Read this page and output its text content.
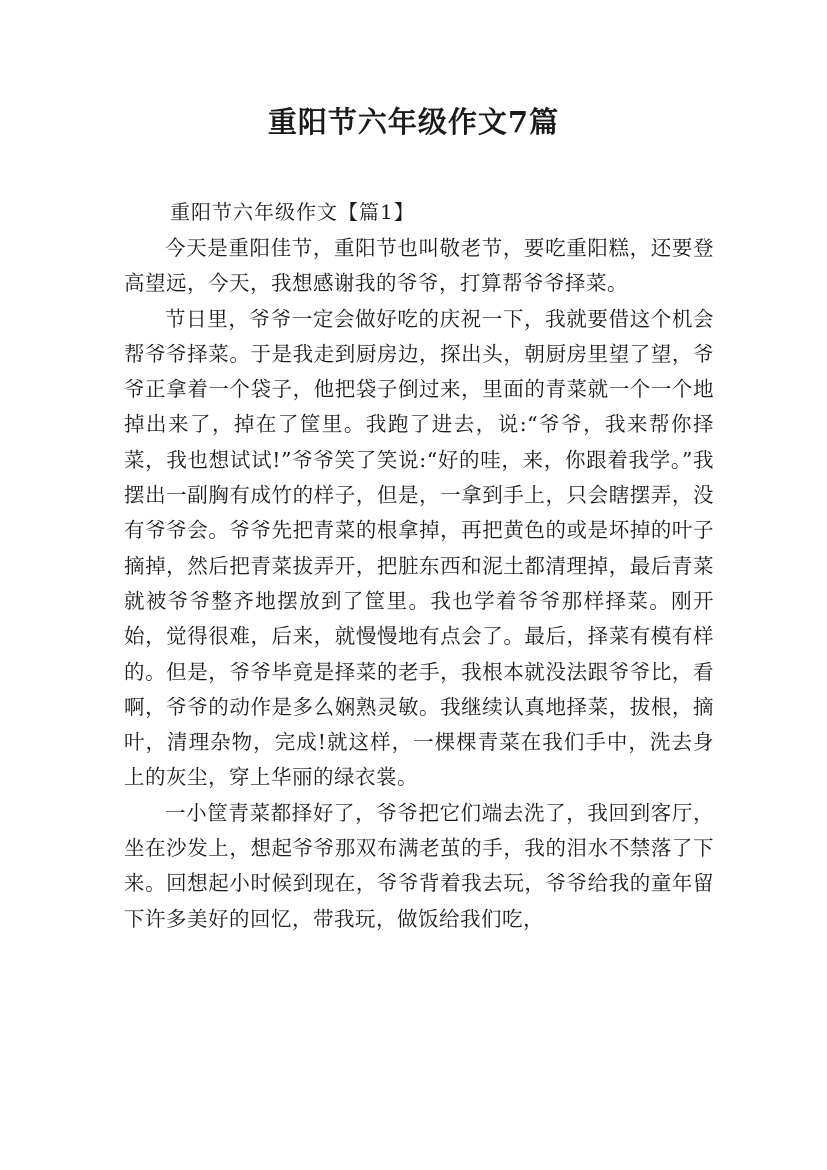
重阳节六年级作文7篇
重阳节六年级作文【篇1】

今天是重阳佳节，重阳节也叫敬老节，要吃重阳糕，还要登高望远，今天，我想感谢我的爷爷，打算帮爷爷择菜。

节日里，爷爷一定会做好吃的庆祝一下，我就要借这个机会帮爷爷择菜。于是我走到厨房边，探出头，朝厨房里望了望，爷爷正拿着一个袋子，他把袋子倒过来，里面的青菜就一个一个地掉出来了，掉在了筐里。我跑了进去，说:“爷爷，我来帮你择菜，我也想试试!”爷爷笑了笑说:“好的哇，来，你跟着我学。”我摆出一副胸有成竹的样子，但是，一拿到手上，只会瞎摆弄，没有爷爷会。爷爷先把青菜的根拿掉，再把黄色的或是坏掉的叶子摘掉，然后把青菜拔弄开，把脏东西和泥土都清理掉，最后青菜就被爷爷整齐地摆放到了筐里。我也学着爷爷那样择菜。刚开始，觉得很难，后来，就慢慢地有点会了。最后，择菜有模有样的。但是，爷爷毕竟是择菜的老手，我根本就没法跟爷爷比，看啊，爷爷的动作是多么娴熟灵敏。我继续认真地择菜，拔根，摘叶，清理杂物，完成!就这样，一棵棵青菜在我们手中，洗去身上的灰尘，穿上华丽的绿衣裳。

一小筐青菜都择好了，爷爷把它们端去洗了，我回到客厅，坐在沙发上，想起爷爷那双布满老茧的手，我的泪水不禁落了下来。回想起小时候到现在，爷爷背着我去玩，爷爷给我的童年留下许多美好的回忆，带我玩，做饭给我们吃，
